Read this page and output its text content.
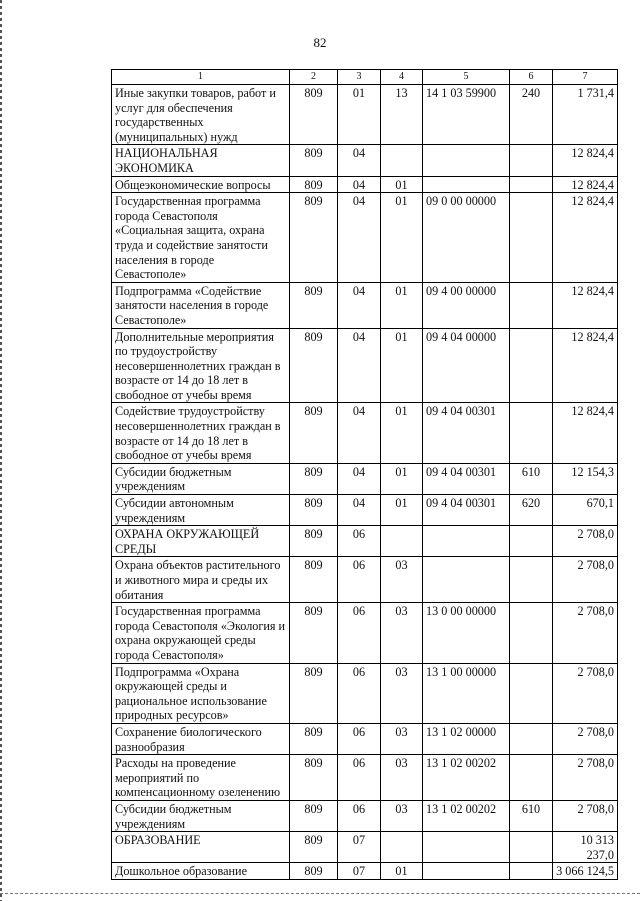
82
1	2	3	4	5	6	7
Иные закупки товаров, работ и услуг для обеспечения государственных (муниципальных) нужд	809	01	13	14 1 03 59900	240	1 731,4
НАЦИОНАЛЬНАЯ ЭКОНОМИКА	809	04				12 824,4
Общеэкономические вопросы	809	04	01			12 824,4
Государственная программа города Севастополя «Социальная защита, охрана труда и содействие занятости населения в городе Севастополе»	809	04	01	09 0 00 00000		12 824,4
Подпрограмма «Содействие занятости населения в городе Севастополе»	809	04	01	09 4 00 00000		12 824,4
Дополнительные мероприятия по трудоустройству несовершеннолетних граждан в возрасте от 14 до 18 лет в свободное от учебы время	809	04	01	09 4 04 00000		12 824,4
Содействие трудоустройству несовершеннолетних граждан в возрасте от 14 до 18 лет в свободное от учебы время	809	04	01	09 4 04 00301		12 824,4
Субсидии бюджетным учреждениям	809	04	01	09 4 04 00301	610	12 154,3
Субсидии автономным учреждениям	809	04	01	09 4 04 00301	620	670,1
ОХРАНА ОКРУЖАЮЩЕЙ СРЕДЫ	809	06				2 708,0
Охрана объектов растительного и животного мира и среды их обитания	809	06	03			2 708,0
Государственная программа города Севастополя «Экология и охрана окружающей среды города Севастополя»	809	06	03	13 0 00 00000		2 708,0
Подпрограмма «Охрана окружающей среды и рациональное использование природных ресурсов»	809	06	03	13 1 00 00000		2 708,0
Сохранение биологического разнообразия	809	06	03	13 1 02 00000		2 708,0
Расходы на проведение мероприятий по компенсационному озеленению	809	06	03	13 1 02 00202		2 708,0
Субсидии бюджетным учреждениям	809	06	03	13 1 02 00202	610	2 708,0
ОБРАЗОВАНИЕ	809	07				10 313 237,0
Дошкольное образование	809	07	01			3 066 124,5
